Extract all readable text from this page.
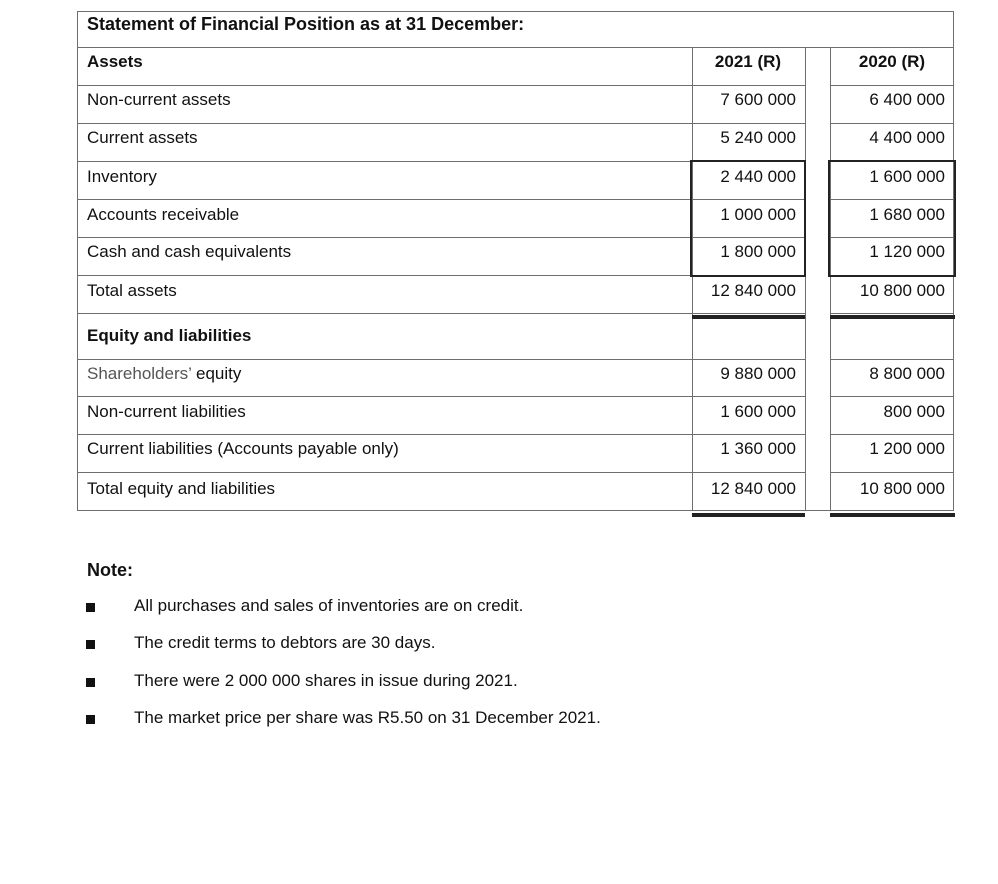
Statement of Financial Position as at 31 December:
Assets	2021 (R)	2020 (R)
Non-current assets	7 600 000	6 400 000
Current assets	5 240 000	4 400 000
Inventory	2 440 000	1 600 000
Accounts receivable	1 000 000	1 680 000
Cash and cash equivalents	1 800 000	1 120 000
Total assets	12 840 000	10 800 000
Equity and liabilities
Shareholders’ equity	9 880 000	8 800 000
Non-current liabilities	1 600 000	800 000
Current liabilities (Accounts payable only)	1 360 000	1 200 000
Total equity and liabilities	12 840 000	10 800 000
Note:
All purchases and sales of inventories are on credit.
The credit terms to debtors are 30 days.
There were 2 000 000 shares in issue during 2021.
The market price per share was R5.50 on 31 December 2021.
